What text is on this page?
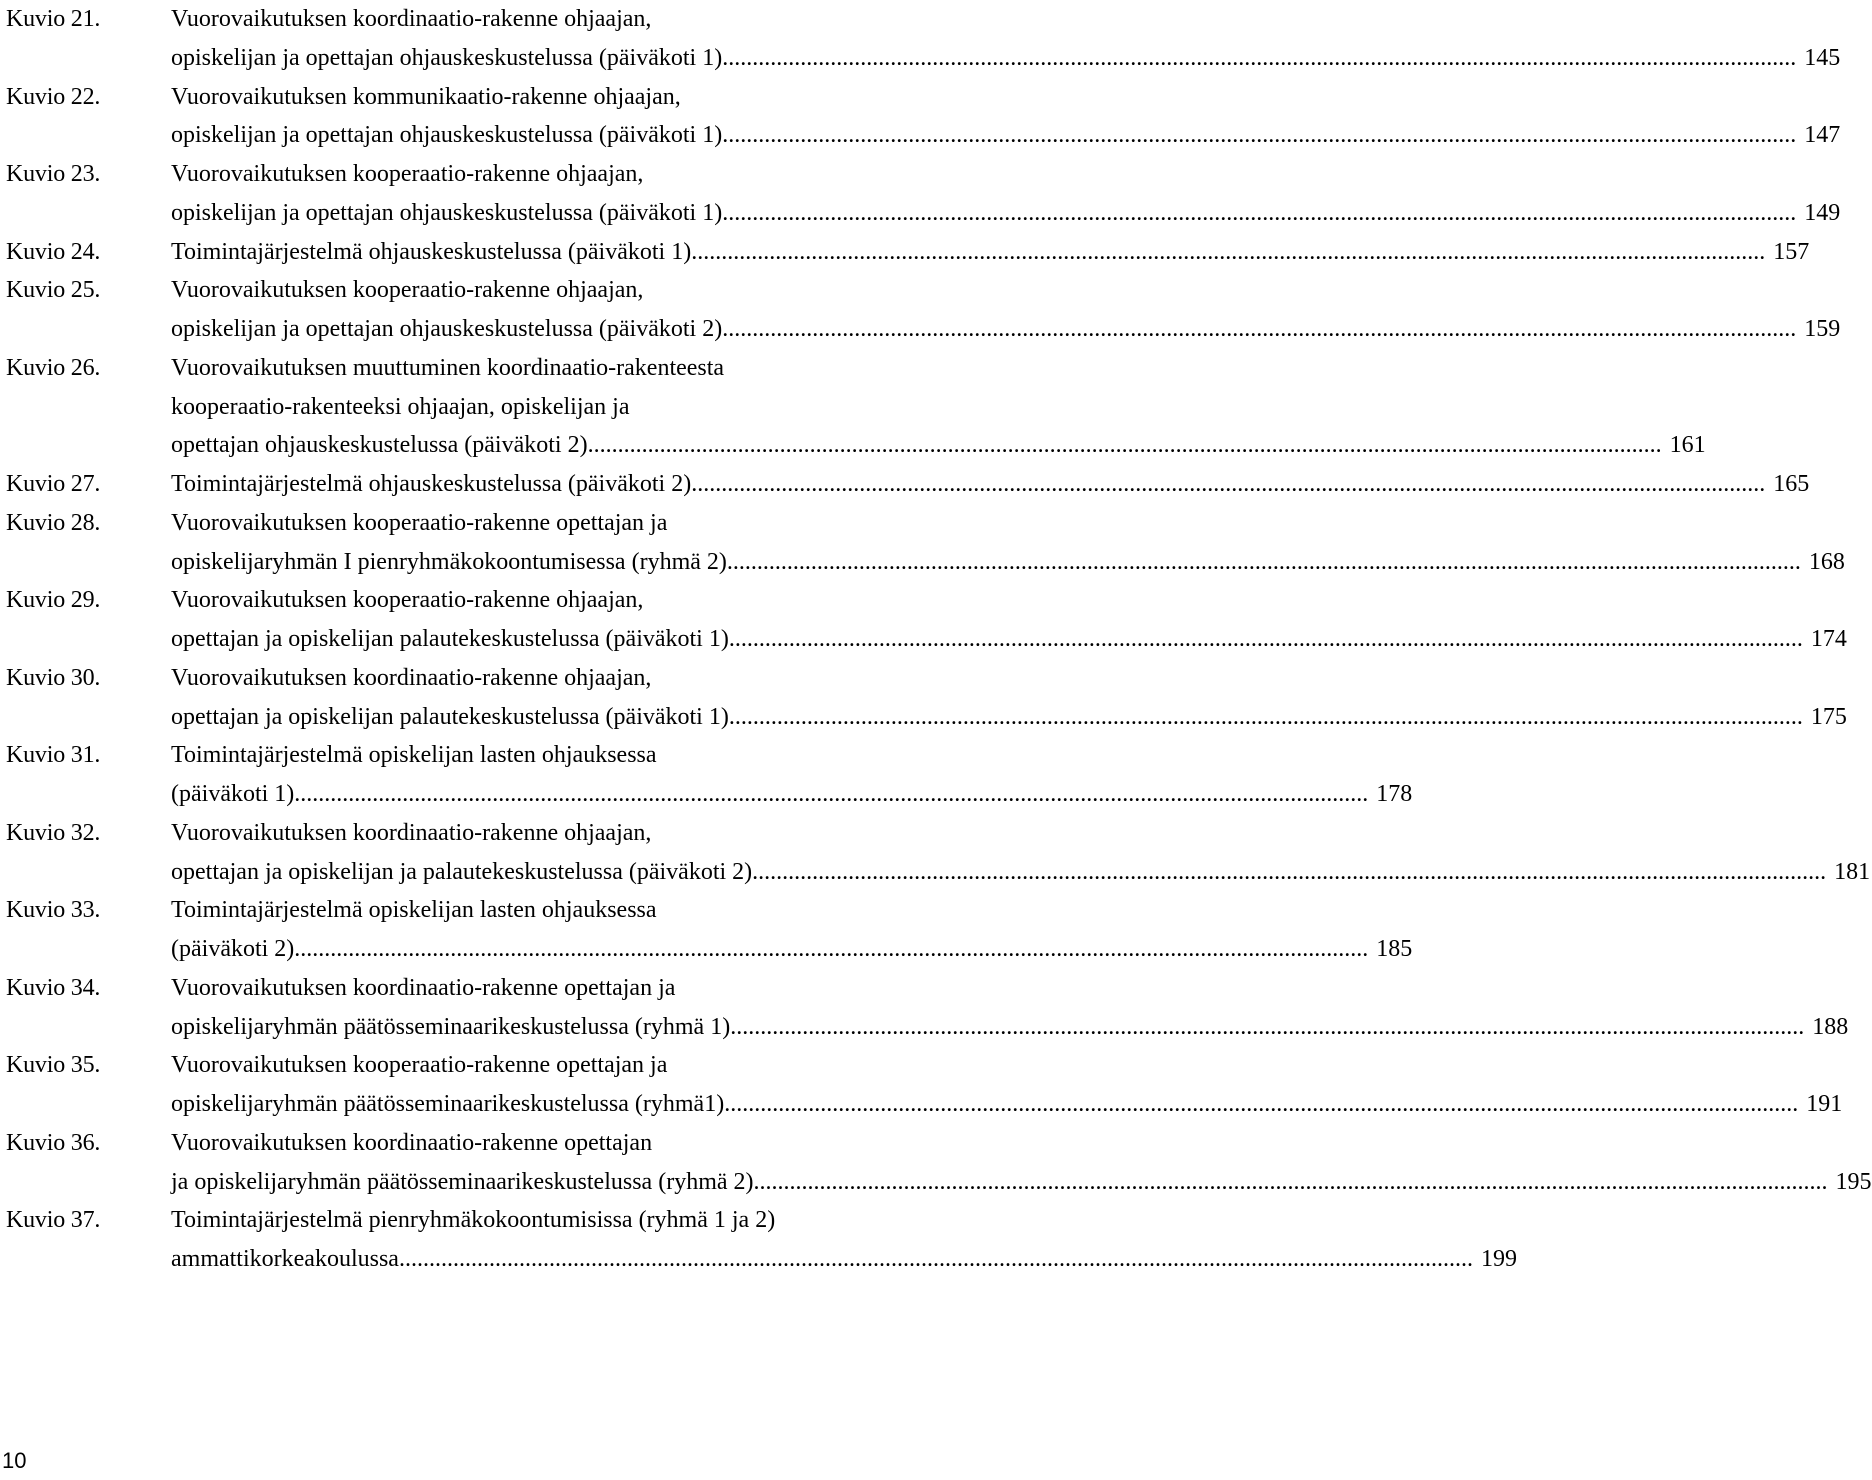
Kuvio 21.	Vuorovaikutuksen koordinaatio-rakenne ohjaajan,
opiskelijan ja opettajan ohjauskeskustelussa (päiväkoti 1) .....	145
Kuvio 22.	Vuorovaikutuksen kommunikaatio-rakenne ohjaajan,
opiskelijan ja opettajan ohjauskeskustelussa (päiväkoti 1) .....	147
Kuvio 23.	Vuorovaikutuksen kooperaatio-rakenne ohjaajan,
opiskelijan ja opettajan ohjauskeskustelussa (päiväkoti 1) .....	149
Kuvio 24.	Toimintajärjestelmä ohjauskeskustelussa (päiväkoti 1) .....	157
Kuvio 25.	Vuorovaikutuksen kooperaatio-rakenne ohjaajan,
opiskelijan ja opettajan ohjauskeskustelussa (päiväkoti 2) .....	159
Kuvio 26.	Vuorovaikutuksen muuttuminen koordinaatio-rakenteesta
kooperaatio-rakenteeksi ohjaajan, opiskelijan ja
opettajan ohjauskeskustelussa (päiväkoti 2) .....	161
Kuvio 27.	Toimintajärjestelmä ohjauskeskustelussa (päiväkoti 2) .....	165
Kuvio 28.	Vuorovaikutuksen kooperaatio-rakenne opettajan ja
opiskelijaryhmän I pienryhmäkokoontumisessa (ryhmä 2) .....	168
Kuvio 29.	Vuorovaikutuksen kooperaatio-rakenne ohjaajan,
opettajan ja opiskelijan palautekeskustelussa (päiväkoti 1) .....	174
Kuvio 30.	Vuorovaikutuksen koordinaatio-rakenne ohjaajan,
opettajan ja opiskelijan palautekeskustelussa (päiväkoti 1) .....	175
Kuvio 31.	Toimintajärjestelmä opiskelijan lasten ohjauksessa
(päiväkoti 1) .....	178
Kuvio 32.	Vuorovaikutuksen koordinaatio-rakenne ohjaajan,
opettajan ja opiskelijan ja palautekeskustelussa (päiväkoti 2) .....	181
Kuvio 33.	Toimintajärjestelmä opiskelijan lasten ohjauksessa
(päiväkoti 2) .....	185
Kuvio 34.	Vuorovaikutuksen koordinaatio-rakenne opettajan ja
opiskelijaryhmän päätösseminaarikeskustelussa (ryhmä 1) .....	188
Kuvio 35.	Vuorovaikutuksen kooperaatio-rakenne opettajan ja
opiskelijaryhmän päätösseminaarikeskustelussa (ryhmä1) .....	191
Kuvio 36.	Vuorovaikutuksen koordinaatio-rakenne opettajan
ja opiskelijaryhmän päätösseminaarikeskustelussa (ryhmä 2) .....	195
Kuvio 37.	Toimintajärjestelmä pienryhmäkokoontumisissa (ryhmä 1 ja 2)
ammattikorkeakoulussa .....	199
10
